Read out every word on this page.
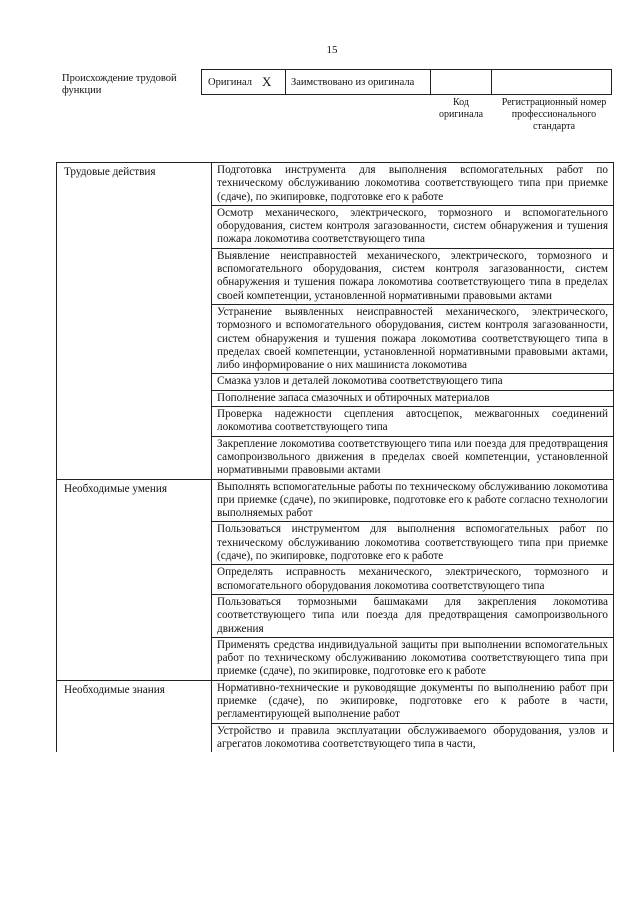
15
Происхождение трудовой функции
Оригинал X Заимствовано из оригинала
Код оригинала
Регистрационный номер профессионального стандарта
Трудовые действия	Подготовка инструмента для выполнения вспомогательных работ по техническому обслуживанию локомотива соответствующего типа при приемке (сдаче), по экипировке, подготовке его к работе
	Осмотр механического, электрического, тормозного и вспомогательного оборудования, систем контроля загазованности, систем обнаружения и тушения пожара локомотива соответствующего типа
	Выявление неисправностей механического, электрического, тормозного и вспомогательного оборудования, систем контроля загазованности, систем обнаружения и тушения пожара локомотива соответствующего типа в пределах своей компетенции, установленной нормативными правовыми актами
	Устранение выявленных неисправностей механического, электрического, тормозного и вспомогательного оборудования, систем контроля загазованности, систем обнаружения и тушения пожара локомотива соответствующего типа в пределах своей компетенции, установленной нормативными правовыми актами, либо информирование о них машиниста локомотива
	Смазка узлов и деталей локомотива соответствующего типа
	Пополнение запаса смазочных и обтирочных материалов
	Проверка надежности сцепления автосцепок, межвагонных соединений локомотива соответствующего типа
	Закрепление локомотива соответствующего типа или поезда для предотвращения самопроизвольного движения в пределах своей компетенции, установленной нормативными правовыми актами
Необходимые умения	Выполнять вспомогательные работы по техническому обслуживанию локомотива при приемке (сдаче), по экипировке, подготовке его к работе согласно технологии выполняемых работ
	Пользоваться инструментом для выполнения вспомогательных работ по техническому обслуживанию локомотива соответствующего типа при приемке (сдаче), по экипировке, подготовке его к работе
	Определять исправность механического, электрического, тормозного и вспомогательного оборудования локомотива соответствующего типа
	Пользоваться тормозными башмаками для закрепления локомотива соответствующего типа или поезда для предотвращения самопроизвольного движения
	Применять средства индивидуальной защиты при выполнении вспомогательных работ по техническому обслуживанию локомотива соответствующего типа при приемке (сдаче), по экипировке, подготовке его к работе
Необходимые знания	Нормативно-технические и руководящие документы по выполнению работ при приемке (сдаче), по экипировке, подготовке его к работе в части, регламентирующей выполнение работ
	Устройство и правила эксплуатации обслуживаемого оборудования, узлов и агрегатов локомотива соответствующего типа в части,
